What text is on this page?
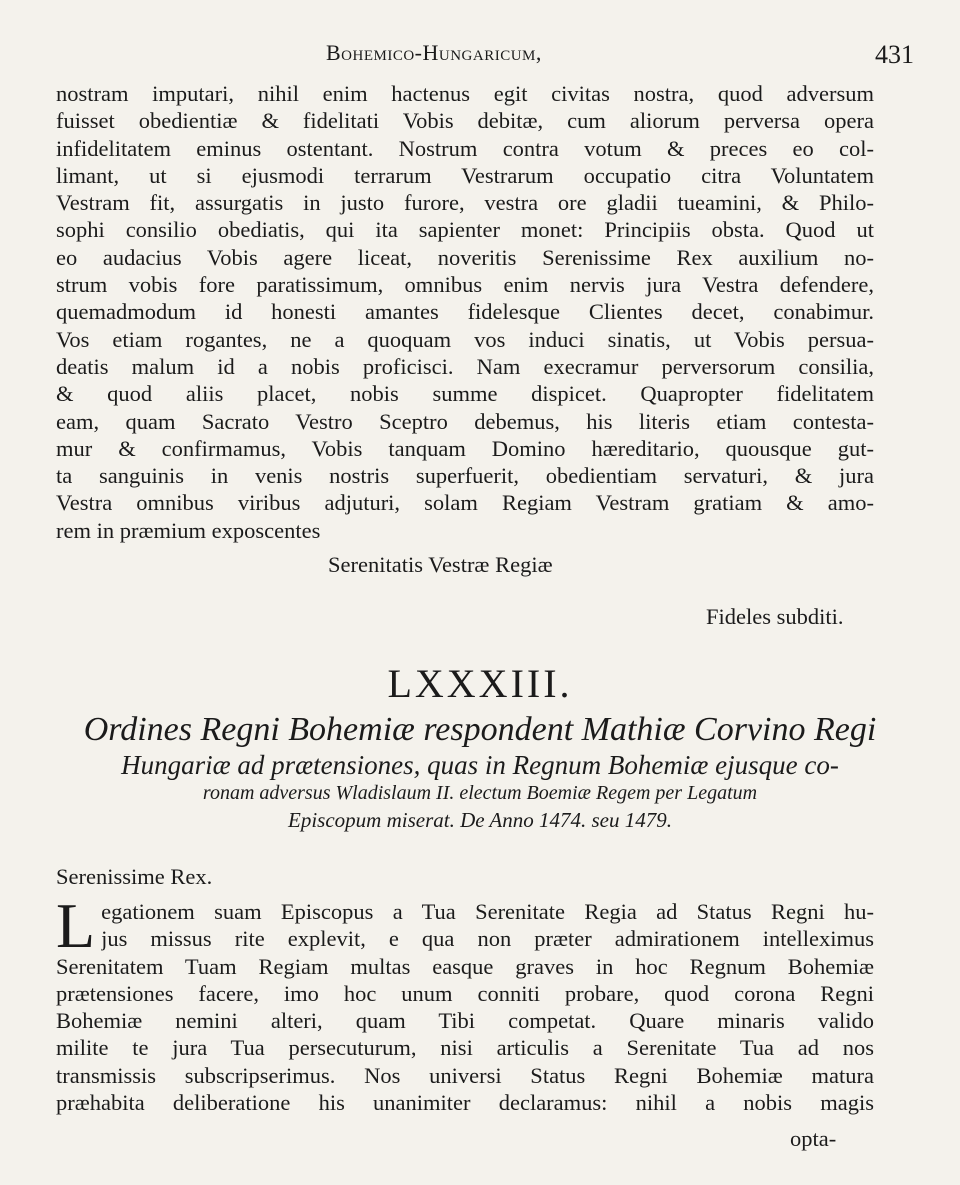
Bohemico-Hungaricum,	431
nostram imputari, nihil enim hactenus egit civitas nostra, quod adversum
fuisset obedientiæ & fidelitati Vobis debitæ, cum aliorum perversa opera
infidelitatem eminus ostentant. Nostrum contra votum & preces eo col-
limant, ut si ejusmodi terrarum Vestrarum occupatio citra Voluntatem
Vestram fit, assurgatis in justo furore, vestra ore gladii tueamini, & Philo-
sophi consilio obediatis, qui ita sapienter monet: Principiis obsta. Quod ut
eo audacius Vobis agere liceat, noveritis Serenissime Rex auxilium no-
strum vobis fore paratissimum, omnibus enim nervis jura Vestra defendere,
quemadmodum id honesti amantes fidelesque Clientes decet, conabimur.
Vos etiam rogantes, ne a quoquam vos induci sinatis, ut Vobis persua-
deatis malum id a nobis proficisci. Nam execramur perversorum consilia,
& quod aliis placet, nobis summe dispicet. Quapropter fidelitatem
eam, quam Sacrato Vestro Sceptro debemus, his literis etiam contesta-
mur & confirmamus, Vobis tanquam Domino hæreditario, quousque gut-
ta sanguinis in venis nostris superfuerit, obedientiam servaturi, & jura
Vestra omnibus viribus adjuturi, solam Regiam Vestram gratiam & amo-
rem in præmium exposcentes
Serenitatis Vestræ Regiæ
Fideles subditi.
LXXXIII.
Ordines Regni Bohemiæ respondent Mathiæ Corvino Regi
Hungariæ ad prætensiones, quas in Regnum Bohemiæ ejusque co-
ronam adversus Wladislaum II. electum Boemiæ Regem per Legatum
Episcopum miserat. De Anno 1474. seu 1479.
Serenissime Rex.
L egationem suam Episcopus a Tua Serenitate Regia ad Status Regni hu-
jus missus rite explevit, e qua non præter admirationem intelleximus
Serenitatem Tuam Regiam multas easque graves in hoc Regnum Bohemiæ
prætensiones facere, imo hoc unum conniti probare, quod corona Regni
Bohemiæ nemini alteri, quam Tibi competat. Quare minaris valido
milite te jura Tua persecuturum, nisi articulis a Serenitate Tua ad nos
transmissis subscripserimus. Nos universi Status Regni Bohemiæ matura
præhabita deliberatione his unanimiter declaramus: nihil a nobis magis
opta-
